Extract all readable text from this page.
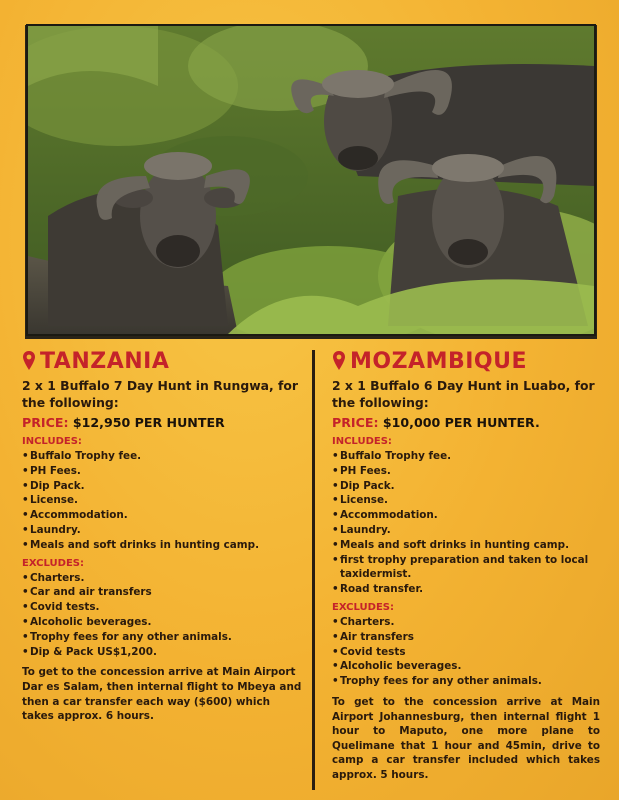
TANZANIA
2 x 1 Buffalo 7 Day Hunt in Rungwa, for the following:
PRICE: $12,950 PER HUNTER
INCLUDES:
• Buffalo Trophy fee.
• PH Fees.
• Dip Pack.
• License.
• Accommodation.
• Laundry.
• Meals and soft drinks in hunting camp.
EXCLUDES:
• Charters.
• Car and air transfers
• Covid tests.
• Alcoholic beverages.
• Trophy fees for any other animals.
• Dip & Pack US$1,200.
To get to the concession arrive at Main Airport Dar es Salam, then internal flight to Mbeya and then a car transfer each way ($600) which takes approx. 6 hours.
MOZAMBIQUE
2 x 1 Buffalo 6 Day Hunt in Luabo, for the following:
PRICE: $10,000 PER HUNTER.
INCLUDES:
• Buffalo Trophy fee.
• PH Fees.
• Dip Pack.
• License.
• Accommodation.
• Laundry.
• Meals and soft drinks in hunting camp.
• first trophy preparation and taken to local taxidermist.
• Road transfer.
EXCLUDES:
• Charters.
• Air transfers
• Covid tests
• Alcoholic beverages.
• Trophy fees for any other animals.
To get to the concession arrive at Main Airport Johannesburg, then internal flight 1 hour to Maputo, one more plane to Quelimane that 1 hour and 45min, drive to camp a car transfer included which takes approx. 5 hours.
